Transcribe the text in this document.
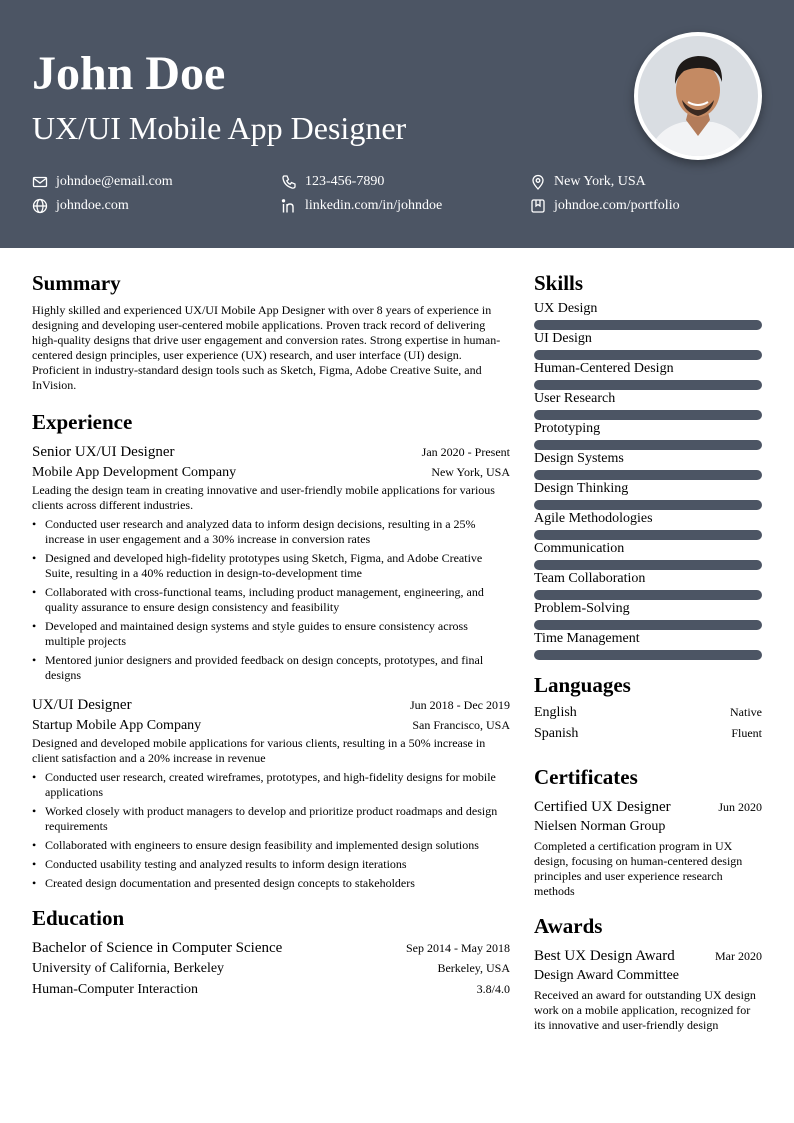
John Doe
UX/UI Mobile App Designer
johndoe@email.com	123-456-7890	New York, USA
johndoe.com	linkedin.com/in/johndoe	johndoe.com/portfolio
Summary

Highly skilled and experienced UX/UI Mobile App Designer with over 8 years of experience in designing and developing user-centered mobile applications. Proven track record of delivering high-quality designs that drive user engagement and conversion rates. Strong expertise in human-centered design principles, user experience (UX) research, and user interface (UI) design. Proficient in industry-standard design tools such as Sketch, Figma, Adobe Creative Suite, and InVision.

Experience
Senior UX/UI Designer	Jan 2020 - Present
Mobile App Development Company	New York, USA

Leading the design team in creating innovative and user-friendly mobile applications for various clients across different industries.

• Conducted user research and analyzed data to inform design decisions, resulting in a 25% increase in user engagement and a 30% increase in conversion rates
• Designed and developed high-fidelity prototypes using Sketch, Figma, and Adobe Creative Suite, resulting in a 40% reduction in design-to-development time
• Collaborated with cross-functional teams, including product management, engineering, and quality assurance to ensure design consistency and feasibility
• Developed and maintained design systems and style guides to ensure consistency across multiple projects
• Mentored junior designers and provided feedback on design concepts, prototypes, and final designs
UX/UI Designer	Jun 2018 - Dec 2019
Startup Mobile App Company	San Francisco, USA

Designed and developed mobile applications for various clients, resulting in a 50% increase in client satisfaction and a 20% increase in revenue

• Conducted user research, created wireframes, prototypes, and high-fidelity designs for mobile applications
• Worked closely with product managers to develop and prioritize product roadmaps and design requirements
• Collaborated with engineers to ensure design feasibility and implemented design solutions
• Conducted usability testing and analyzed results to inform design iterations
• Created design documentation and presented design concepts to stakeholders
Education
Bachelor of Science in Computer Science	Sep 2014 - May 2018
University of California, Berkeley	Berkeley, USA
Human-Computer Interaction	3.8/4.0
Skills
UX Design
UI Design
Human-Centered Design
User Research
Prototyping
Design Systems
Design Thinking
Agile Methodologies
Communication
Team Collaboration
Problem-Solving
Time Management
Languages
English	Native
Spanish	Fluent
Certificates
Certified UX Designer	Jun 2020
Nielsen Norman Group

Completed a certification program in UX design, focusing on human-centered design principles and user experience research methods

Awards
Best UX Design Award	Mar 2020
Design Award Committee

Received an award for outstanding UX design work on a mobile application, recognized for its innovative and user-friendly design
